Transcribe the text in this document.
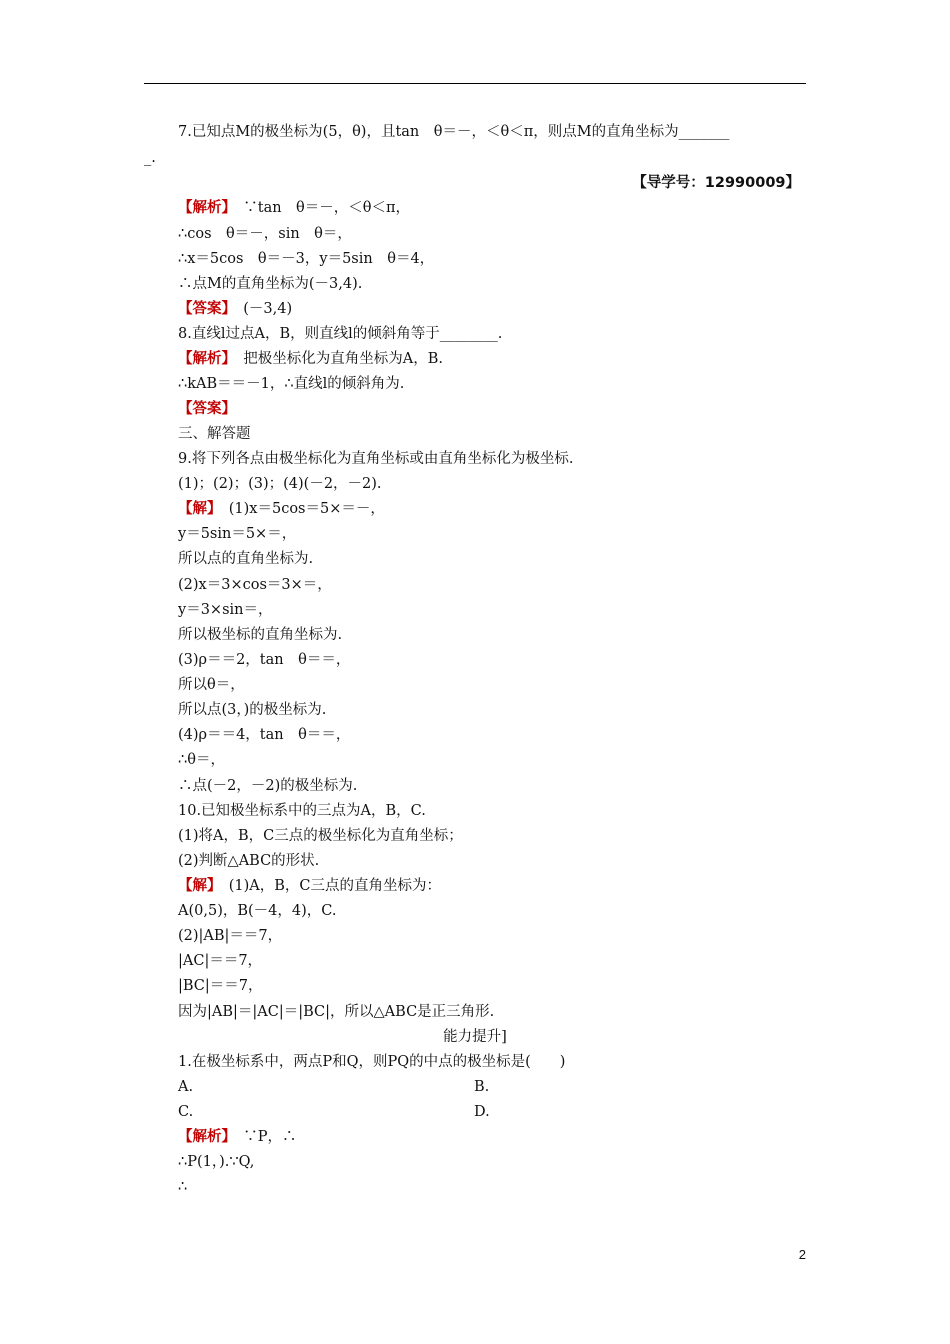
7.已知点M的极坐标为(5，θ)，且tan　θ＝－，＜θ＜π，则点M的直角坐标为_______
_.
【导学号：12990009】
【解析】　∵tan　θ＝－，＜θ＜π，
∴cos　θ＝－，sin　θ＝，
∴x＝5cos　θ＝－3，y＝5sin　θ＝4，
∴点M的直角坐标为(－3,4).
【答案】　(－3,4)
8.直线l过点A，B，则直线l的倾斜角等于________.
【解析】　把极坐标化为直角坐标为A，B.
∴kAB＝＝－1，∴直线l的倾斜角为.
【答案】
三、解答题
9.将下列各点由极坐标化为直角坐标或由直角坐标化为极坐标.
(1)；(2)；(3)；(4)(－2，－2).
【解】　(1)x＝5cos＝5×＝－，
y＝5sin＝5×＝，
所以点的直角坐标为.
(2)x＝3×cos＝3×＝，
y＝3×sin＝，
所以极坐标的直角坐标为.
(3)ρ＝＝2，tan　θ＝＝，
所以θ＝，
所以点(3，)的极坐标为.
(4)ρ＝＝4，tan　θ＝＝，
∴θ＝，
∴点(－2，－2)的极坐标为.
10.已知极坐标系中的三点为A，B，C.
(1)将A，B，C三点的极坐标化为直角坐标；
(2)判断△ABC的形状.
【解】　(1)A，B，C三点的直角坐标为：
A(0,5)，B(－4，4)，C.
(2)|AB|＝＝7，
|AC|＝＝7，
|BC|＝＝7，
因为|AB|＝|AC|＝|BC|，所以△ABC是正三角形.
能力提升]
1.在极坐标系中，两点P和Q，则PQ的中点的极坐标是(　　)
A.	B.
C.	D.
【解析】　∵P，∴
∴P(1，).∵Q,
∴
2
